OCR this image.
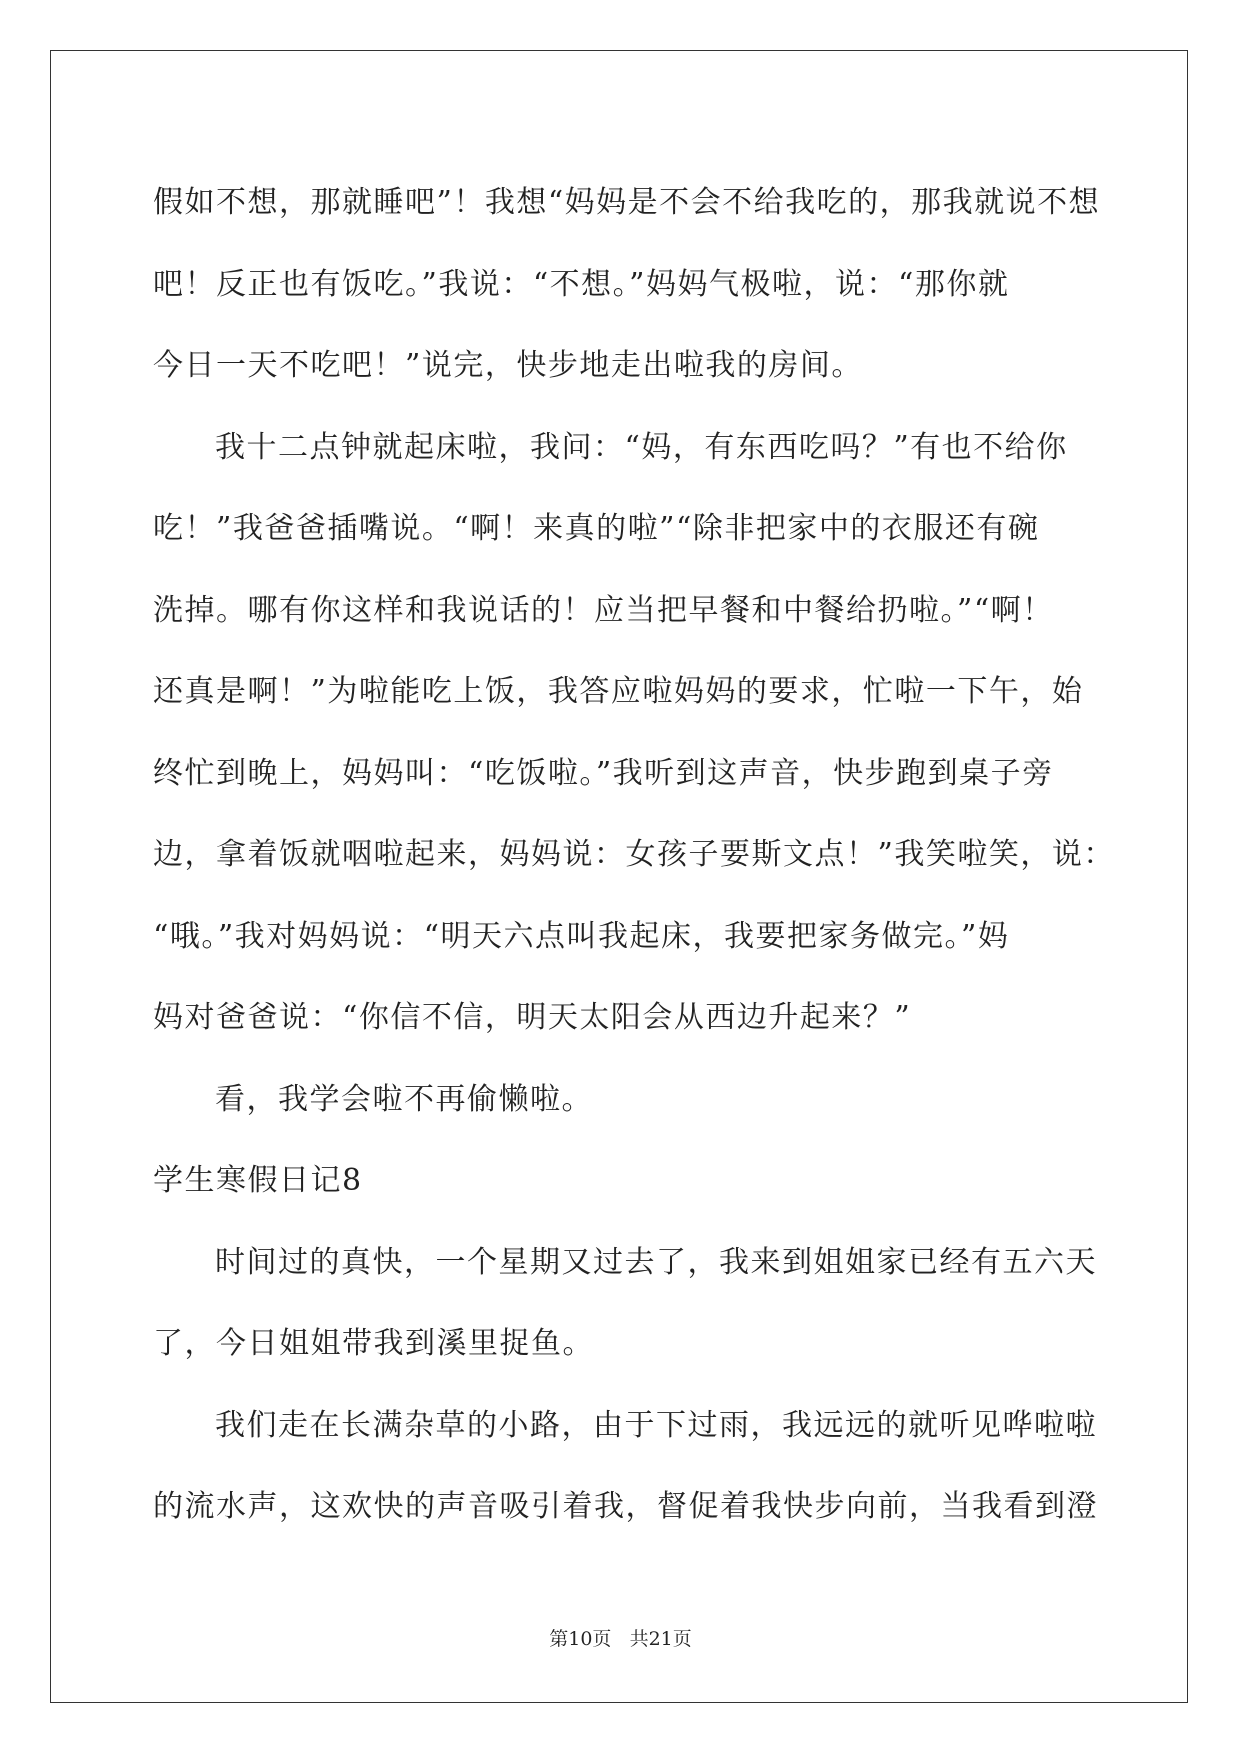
假如不想，那就睡吧”！我想“妈妈是不会不给我吃的，那我就说不想
吧！反正也有饭吃。”我说：“不想。”妈妈气极啦，说：“那你就
今日一天不吃吧！”说完，快步地走出啦我的房间。
我十二点钟就起床啦，我问：“妈，有东西吃吗？”有也不给你
吃！”我爸爸插嘴说。“啊！来真的啦”“除非把家中的衣服还有碗
洗掉。哪有你这样和我说话的！应当把早餐和中餐给扔啦。”“啊！
还真是啊！”为啦能吃上饭，我答应啦妈妈的要求，忙啦一下午，始
终忙到晚上，妈妈叫：“吃饭啦。”我听到这声音，快步跑到桌子旁
边，拿着饭就咽啦起来，妈妈说：女孩子要斯文点！”我笑啦笑，说：
“哦。”我对妈妈说：“明天六点叫我起床，我要把家务做完。”妈
妈对爸爸说：“你信不信，明天太阳会从西边升起来？”
看，我学会啦不再偷懒啦。
学生寒假日记8
时间过的真快，一个星期又过去了，我来到姐姐家已经有五六天
了，今日姐姐带我到溪里捉鱼。
我们走在长满杂草的小路，由于下过雨，我远远的就听见哗啦啦
的流水声，这欢快的声音吸引着我，督促着我快步向前，当我看到澄
第10页 共21页
